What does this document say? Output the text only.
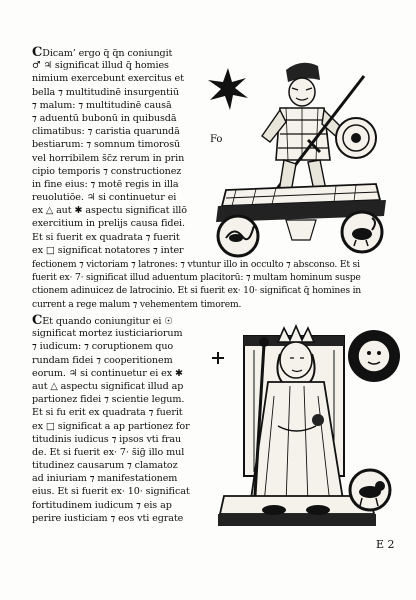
CDicam’ ergo q̃ q̃n coniungit
♂ ♃ significat illud q̃ homies
nimium exercebunt exercitus et
bella ⁊ multitudinē insurgentiū
⁊ malum: ⁊ multitudinē causā
⁊ aduentū bubonū in quibusdā
climatibus: ⁊ caristia quarundā
bestiarum: ⁊ somnum timorosū
vel horribilem s̄c̃z rerum in prin
cipio temporis ⁊ constructionez
in fine eius: ⁊ motē regis in illa
reuolutiōe. ♃ si continuetur ei
ex △ aut ✱ aspectu significat illō
exercitium in prelijs causa fidei.
Et si fuerit ex quadrata ⁊ fuerit
ex □ significat notatores ⁊ inter
fectionem ⁊ victoriam ⁊ latrones: ⁊ vtuntur illo in occulto ⁊ absconso. Et si
fuerit ex· 7· significat illud aduentum placitorū: ⁊ multam hominum suspe
ctionem adinuicez de latrocinio. Et si fuerit ex· 10· significat q̃ homines in
current a rege malum ⁊ vehementem timorem.
Fo
CEt quando coniungitur ei ☉
significat mortez iusticiariorum
⁊ iudicum: ⁊ coruptionem quo
rundam fidei ⁊ cooperitionem
eorum. ♃ si continuetur ei ex ✱
aut △ aspectu significat illud ap
partionez fidei ⁊ scientie legum.
Et si fu erit ex quadrata ⁊ fuerit
ex □ significat a ap partionez for
titudinis iudicus ⁊ ipsos vti frau
de. Et si fuerit ex· 7· s̄ig̃ illo mul
titudinez causarum ⁊ clamatoz
ad iniuriam ⁊ manifestationem
eius. Et si fuerit ex· 10· significat
fortitudinem iudicum ⁊ eis ap
perire iusticiam ⁊ eos vti egrate
E 2
